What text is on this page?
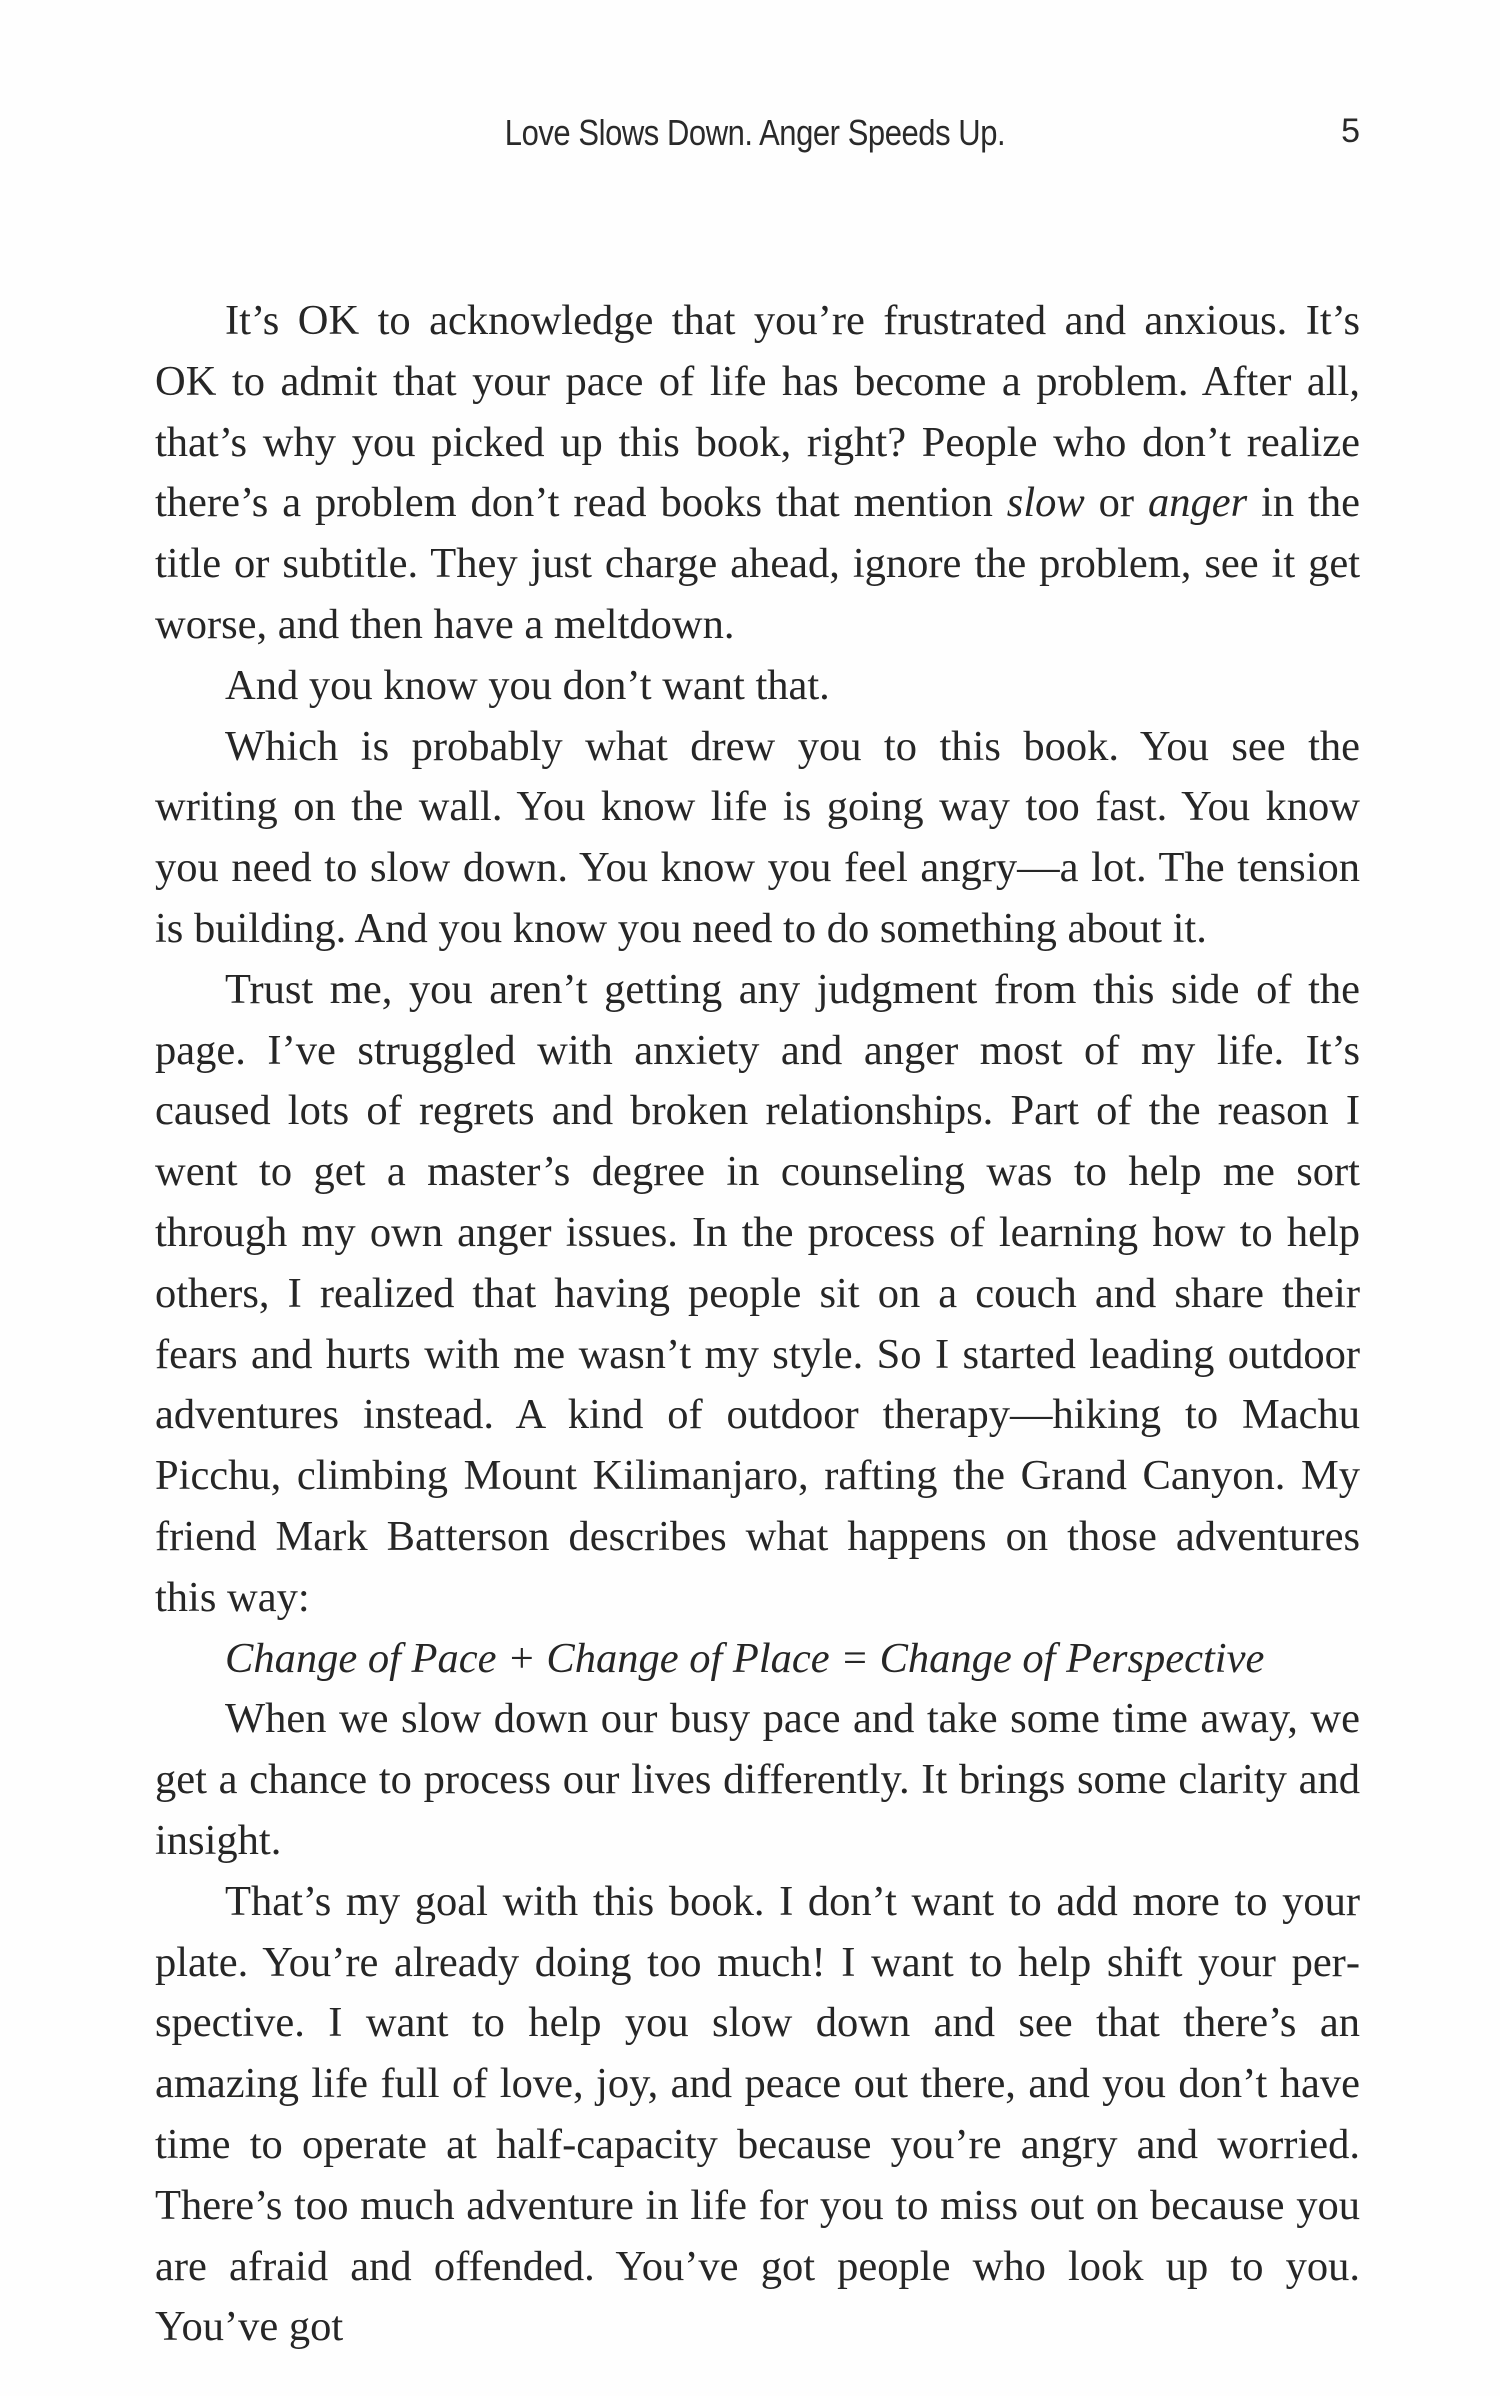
Love Slows Down. Anger Speeds Up.	5

It’s OK to acknowledge that you’re frustrated and anxious. It’s OK to admit that your pace of life has become a problem. After all, that’s why you picked up this book, right? People who don’t realize there’s a problem don’t read books that mention slow or anger in the title or subtitle. They just charge ahead, ignore the problem, see it get worse, and then have a meltdown.

And you know you don’t want that.

Which is probably what drew you to this book. You see the writing on the wall. You know life is going way too fast. You know you need to slow down. You know you feel angry—a lot. The tension is building. And you know you need to do something about it.

Trust me, you aren’t getting any judgment from this side of the page. I’ve struggled with anxiety and anger most of my life. It’s caused lots of regrets and broken relationships. Part of the reason I went to get a master’s degree in counseling was to help me sort through my own anger issues. In the process of learning how to help others, I realized that having people sit on a couch and share their fears and hurts with me wasn’t my style. So I started leading outdoor adventures instead. A kind of outdoor therapy—hiking to Machu Picchu, climbing Mount Kilimanjaro, rafting the Grand Canyon. My friend Mark Batterson describes what happens on those adventures this way:

Change of Pace + Change of Place = Change of Perspective

When we slow down our busy pace and take some time away, we get a chance to process our lives differently. It brings some clarity and insight.

That’s my goal with this book. I don’t want to add more to your plate. You’re already doing too much! I want to help shift your perspective. I want to help you slow down and see that there’s an amazing life full of love, joy, and peace out there, and you don’t have time to operate at half-capacity because you’re angry and worried. There’s too much adventure in life for you to miss out on because you are afraid and offended. You’ve got people who look up to you. You’ve got
